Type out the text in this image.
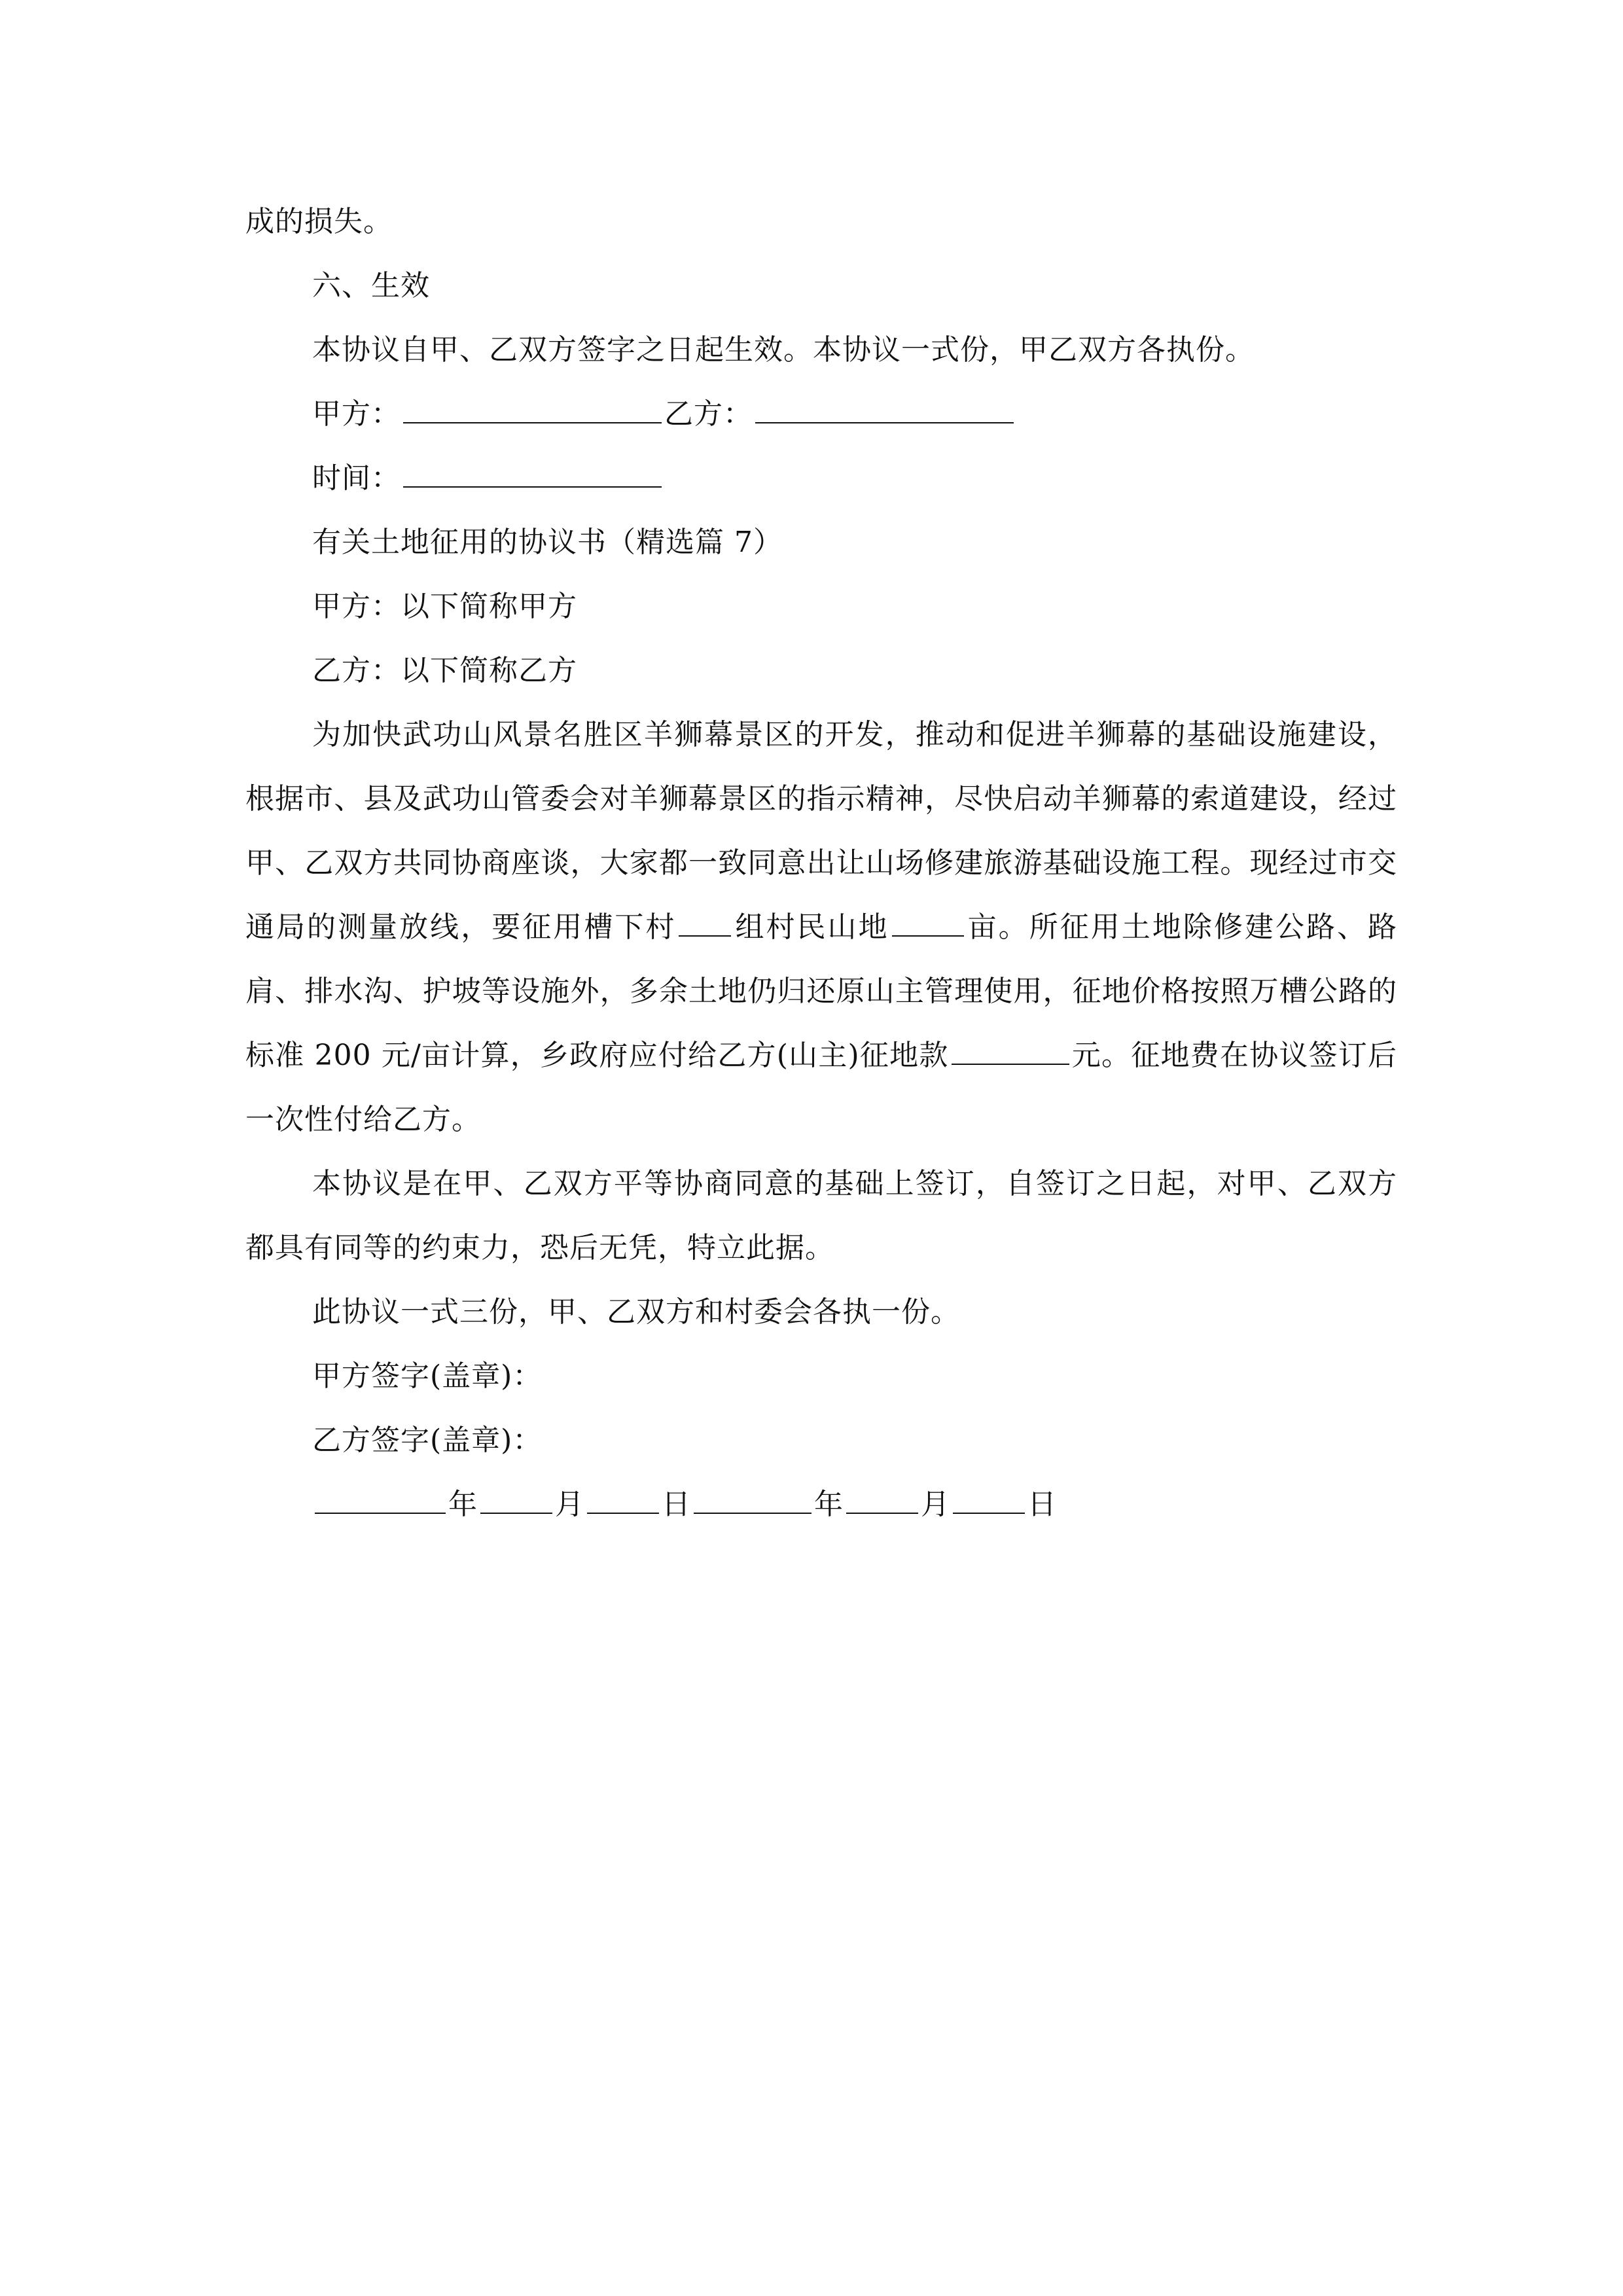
成的损失。

六、生效

本协议自甲、乙双方签字之日起生效。本协议一式份，甲乙双方各执份。

甲方：	乙方：

时间：

有关土地征用的协议书（精选篇 7）

甲方：以下简称甲方

乙方：以下简称乙方

为加快武功山风景名胜区羊狮幕景区的开发，推动和促进羊狮幕的基础设施建设，根据市、县及武功山管委会对羊狮幕景区的指示精神，尽快启动羊狮幕的索道建设，经过甲、乙双方共同协商座谈，大家都一致同意出让山场修建旅游基础设施工程。现经过市交通局的测量放线，要征用槽下村 组村民山地	亩。所征用土地除修建公路、路肩、排水沟、护坡等设施外，多余土地仍归还原山主管理使用，征地价格按照万槽公路的标准 200 元/亩计算，乡政府应付给乙方(山主)征地款	元。征地费在协议签订后一次性付给乙方。

本协议是在甲、乙双方平等协商同意的基础上签订，自签订之日起，对甲、乙双方都具有同等的约束力，恐后无凭，特立此据。

此协议一式三份，甲、乙双方和村委会各执一份。

甲方签字(盖章)：

乙方签字(盖章)：

年	月	日	年	月	日
